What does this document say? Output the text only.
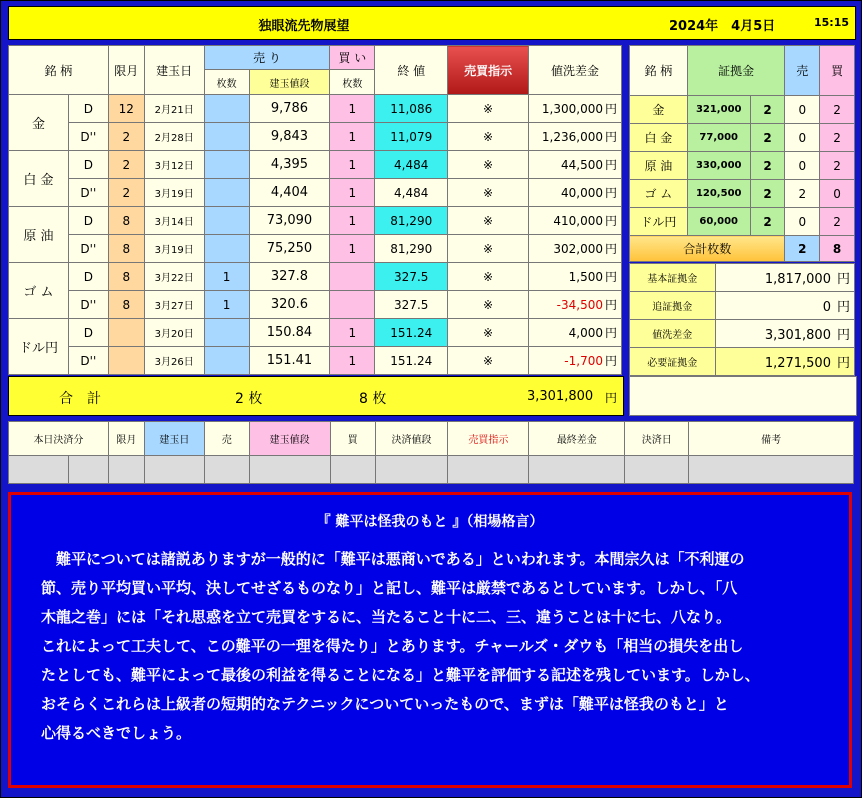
独眼流先物展望	2024年　4月5日	15:15
銘 柄		限月	建玉日	売 り		買 い	終 値	売買指示	値洗差金
				枚数	建玉値段	枚数			
金	D	12	2月21日		9,786	1	11,086	※	1,300,000 円
	D''	2	2月28日		9,843	1	11,079	※	1,236,000 円
白 金	D	2	3月12日		4,395	1	4,484	※	44,500 円
	D''	2	3月19日		4,404	1	4,484	※	40,000 円
原 油	D	8	3月14日		73,090	1	81,290	※	410,000 円
	D''	8	3月19日		75,250	1	81,290	※	302,000 円
ゴ ム	D	8	3月22日	1	327.8		327.5	※	1,500 円
	D''	8	3月27日	1	320.6		327.5	※	-34,500 円
ドル円	D		3月20日		150.84	1	151.24	※	4,000 円
	D''		3月26日		151.41	1	151.24	※	-1,700 円
合　計	2 枚	8 枚	3,301,800 円
銘 柄	証拠金		売	買
金	321,000	2	0	2
白 金	77,000	2	0	2
原 油	330,000	2	0	2
ゴ ム	120,500	2	2	0
ドル円	60,000	2	0	2
合計枚数			2	8
基本証拠金	1,817,000 円
追証拠金	0 円
値洗差金	3,301,800 円
必要証拠金	1,271,500 円
本日決済分		限月	建玉日	売	建玉値段	買	決済値段	売買指示	最終差金	決済日	備考

『 難平は怪我のもと 』（相場格言）
　難平については諸説ありますが一般的に「難平は悪商いである」といわれます。本間宗久は「不利運の
節、売り平均買い平均、決してせざるものなり」と記し、難平は厳禁であるとしています。しかし、「八
木龍之巻」には「それ思惑を立て売買をするに、当たること十に二、三、違うことは十に七、八なり。
これによって工夫して、この難平の一理を得たり」とあります。チャールズ・ダウも「相当の損失を出し
たとしても、難平によって最後の利益を得ることになる」と難平を評価する記述を残しています。しかし、
おそらくこれらは上級者の短期的なテクニックについていったもので、まずは「難平は怪我のもと」と
心得るべきでしょう。
